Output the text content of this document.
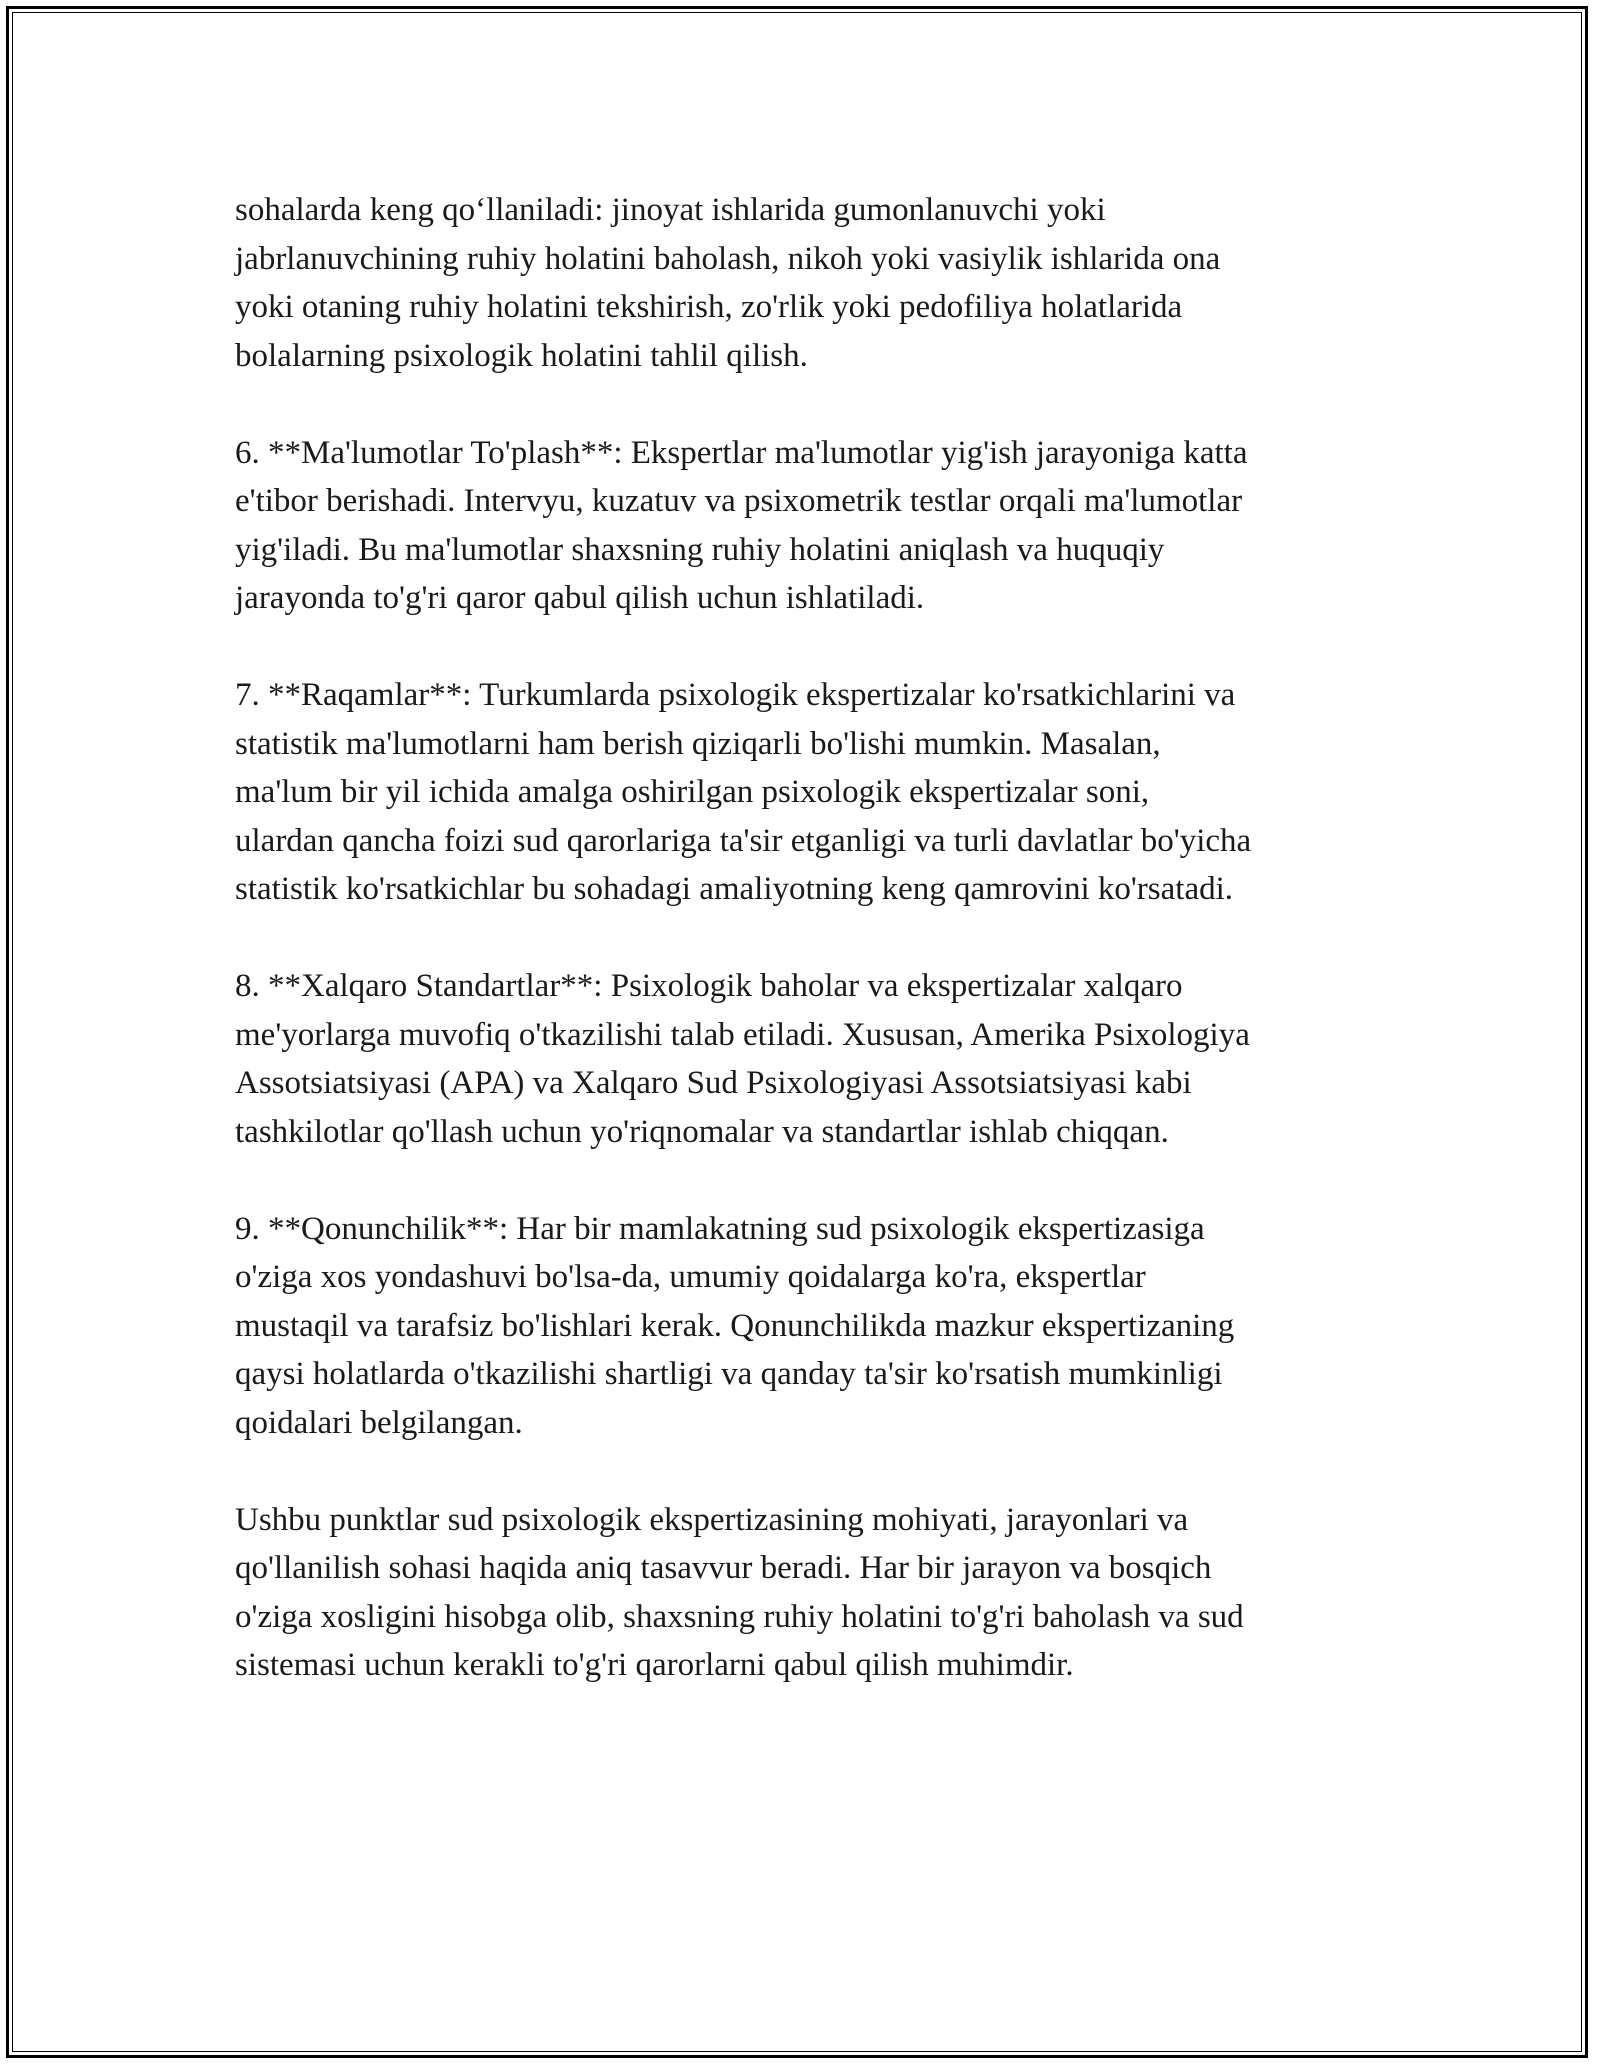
sohalarda keng qo‘llaniladi: jinoyat ishlarida gumonlanuvchi yoki
jabrlanuvchining ruhiy holatini baholash, nikoh yoki vasiylik ishlarida ona
yoki otaning ruhiy holatini tekshirish, zo'rlik yoki pedofiliya holatlarida
bolalarning psixologik holatini tahlil qilish.

6. **Ma'lumotlar To'plash**: Ekspertlar ma'lumotlar yig'ish jarayoniga katta
e'tibor berishadi. Intervyu, kuzatuv va psixometrik testlar orqali ma'lumotlar
yig'iladi. Bu ma'lumotlar shaxsning ruhiy holatini aniqlash va huquqiy
jarayonda to'g'ri qaror qabul qilish uchun ishlatiladi.

7. **Raqamlar**: Turkumlarda psixologik ekspertizalar ko'rsatkichlarini va
statistik ma'lumotlarni ham berish qiziqarli bo'lishi mumkin. Masalan,
ma'lum bir yil ichida amalga oshirilgan psixologik ekspertizalar soni,
ulardan qancha foizi sud qarorlariga ta'sir etganligi va turli davlatlar bo'yicha
statistik ko'rsatkichlar bu sohadagi amaliyotning keng qamrovini ko'rsatadi.

8. **Xalqaro Standartlar**: Psixologik baholar va ekspertizalar xalqaro
me'yorlarga muvofiq o'tkazilishi talab etiladi. Xususan, Amerika Psixologiya
Assotsiatsiyasi (APA) va Xalqaro Sud Psixologiyasi Assotsiatsiyasi kabi
tashkilotlar qo'llash uchun yo'riqnomalar va standartlar ishlab chiqqan.

9. **Qonunchilik**: Har bir mamlakatning sud psixologik ekspertizasiga
o'ziga xos yondashuvi bo'lsa-da, umumiy qoidalarga ko'ra, ekspertlar
mustaqil va tarafsiz bo'lishlari kerak. Qonunchilikda mazkur ekspertizaning
qaysi holatlarda o'tkazilishi shartligi va qanday ta'sir ko'rsatish mumkinligi
qoidalari belgilangan.

Ushbu punktlar sud psixologik ekspertizasining mohiyati, jarayonlari va
qo'llanilish sohasi haqida aniq tasavvur beradi. Har bir jarayon va bosqich
o'ziga xosligini hisobga olib, shaxsning ruhiy holatini to'g'ri baholash va sud
sistemasi uchun kerakli to'g'ri qarorlarni qabul qilish muhimdir.
